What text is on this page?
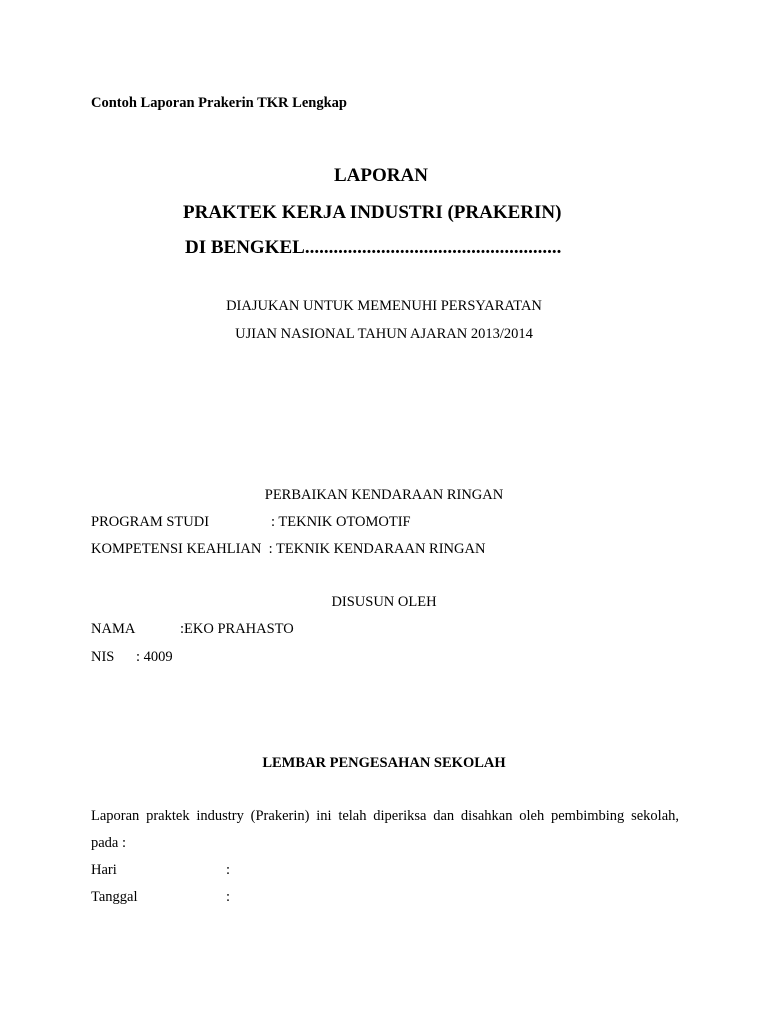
Contoh Laporan Prakerin TKR Lengkap
LAPORAN
PRAKTEK KERJA INDUSTRI (PRAKERIN)
DI BENGKEL......................................................
DIAJUKAN UNTUK MEMENUHI PERSYARATAN
UJIAN NASIONAL TAHUN AJARAN 2013/2014
PERBAIKAN KENDARAAN RINGAN
PROGRAM STUDI	: TEKNIK OTOMOTIF
KOMPETENSI KEAHLIAN : TEKNIK KENDARAAN RINGAN
DISUSUN OLEH
NAMA	:EKO PRAHASTO
NIS : 4009
LEMBAR PENGESAHAN SEKOLAH
Laporan praktek industry (Prakerin) ini telah diperiksa dan disahkan oleh pembimbing sekolah,
pada :
Hari	:
Tanggal	:
